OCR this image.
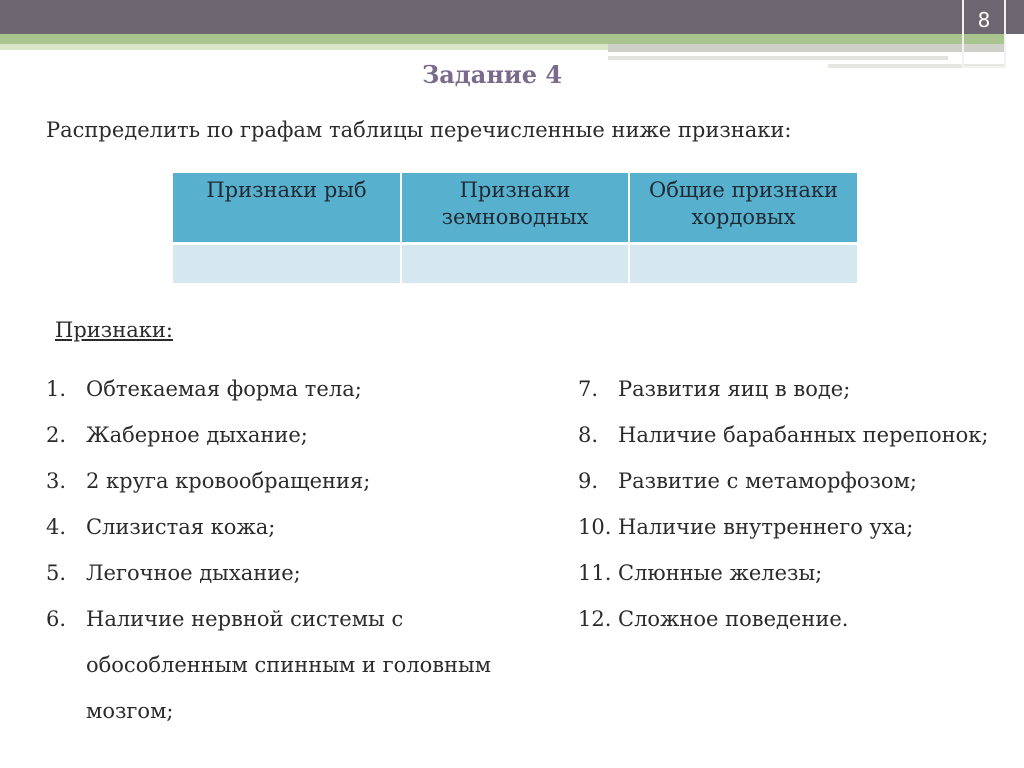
8
Задание 4
Распределить по графам таблицы перечисленные ниже признаки:
Признаки рыб	Признаки земноводных	Общие признаки хордовых

Признаки:
1. Обтекаемая форма тела;
2. Жаберное дыхание;
3. 2 круга кровообращения;
4. Слизистая кожа;
5. Легочное дыхание;
6. Наличие нервной системы с обособленным спинным и головным мозгом;
7. Развития яиц в воде;
8. Наличие барабанных перепонок;
9. Развитие с метаморфозом;
10. Наличие внутреннего уха;
11. Слюнные железы;
12. Сложное поведение.
